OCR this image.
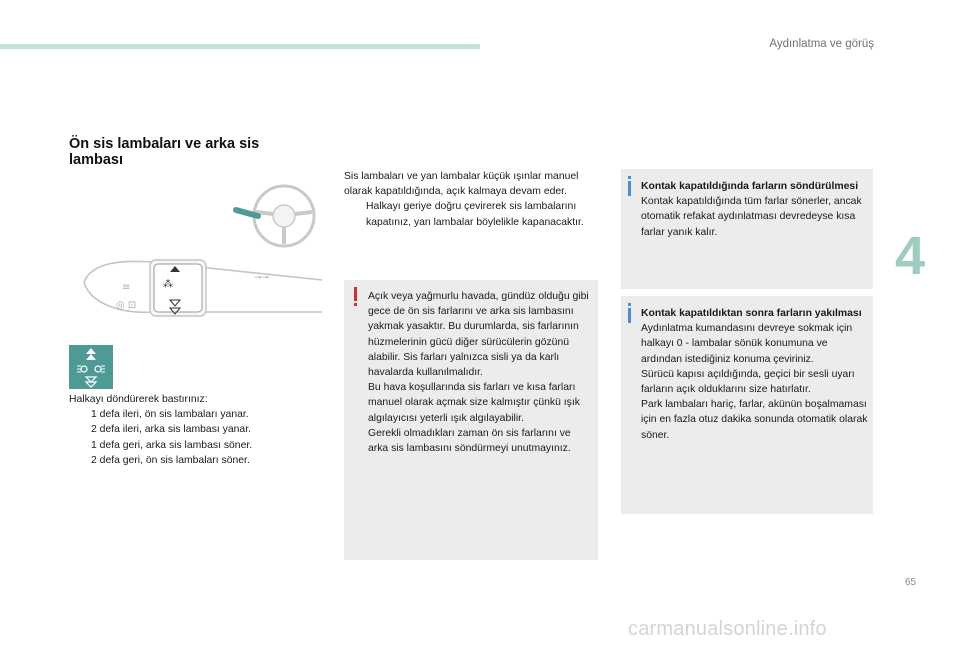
Aydınlatma ve görüş
4
Ön sis lambaları ve arka sis lambası
⁂
≡
◎ ⊡
⊸⊸
Halkayı döndürerek bastırınız:
1 defa ileri, ön sis lambaları yanar.
2 defa ileri, arka sis lambası yanar.
1 defa geri, arka sis lambası söner.
2 defa geri, ön sis lambaları söner.
Sis lambaları ve yan lambalar küçük ışınlar manuel olarak kapatıldığında, açık kalmaya devam eder.
Halkayı geriye doğru çevirerek sis lambalarını kapatınız, yan lambalar böylelikle kapanacaktır.
Açık veya yağmurlu havada, gündüz olduğu gibi gece de ön sis farlarını ve arka sis lambasını yakmak yasaktır. Bu durumlarda, sis farlarının hüzmelerinin gücü diğer sürücülerin gözünü alabilir. Sis farları yalnızca sisli ya da karlı havalarda kullanılmalıdır.
Bu hava koşullarında sis farları ve kısa farları manuel olarak açmak size kalmıştır çünkü ışık algılayıcısı yeterli ışık algılayabilir.
Gerekli olmadıkları zaman ön sis farlarını ve arka sis lambasını söndürmeyi unutmayınız.
Kontak kapatıldığında farların söndürülmesi
Kontak kapatıldığında tüm farlar sönerler, ancak otomatik refakat aydınlatması devredeyse kısa farlar yanık kalır.
Kontak kapatıldıktan sonra farların yakılması
Aydınlatma kumandasını devreye sokmak için halkayı 0 - lambalar sönük konumuna ve ardından istediğiniz konuma çeviriniz.
Sürücü kapısı açıldığında, geçici bir sesli uyarı farların açık olduklarını size hatırlatır.
Park lambaları hariç, farlar, akünün boşalmaması için en fazla otuz dakika sonunda otomatik olarak söner.
65
carmanualsonline.info
